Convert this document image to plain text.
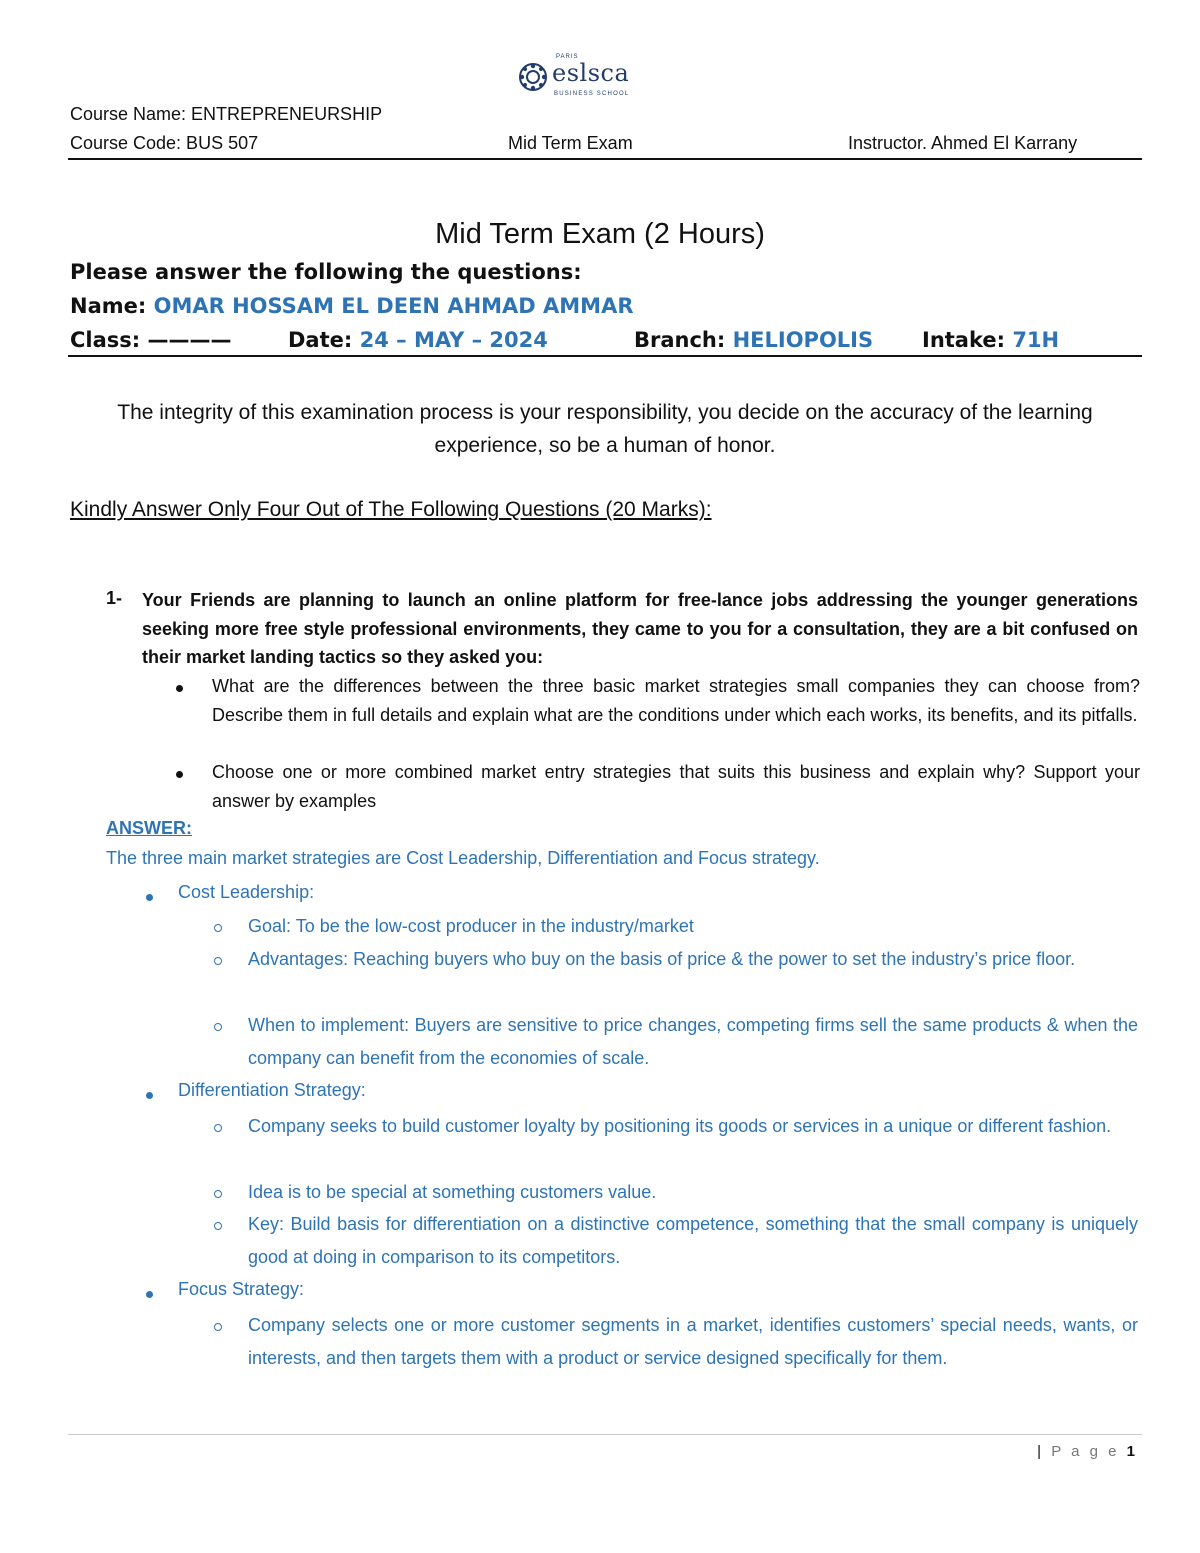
PARIS
eslsca
BUSINESS SCHOOL
Course Name: ENTREPRENEURSHIP
Course Code: BUS 507	Mid Term Exam	Instructor. Ahmed El Karrany
Mid Term Exam (2 Hours)
Please answer the following the questions:
Name: OMAR HOSSAM EL DEEN AHMAD AMMAR
Class: ————	Date: 24 – MAY – 2024	Branch: HELIOPOLIS Intake: 71H
The integrity of this examination process is your responsibility, you decide on the accuracy of the learning experience, so be a human of honor.
Kindly Answer Only Four Out of The Following Questions (20 Marks):
1- Your Friends are planning to launch an online platform for free-lance jobs addressing the younger generations seeking more free style professional environments, they came to you for a consultation, they are a bit confused on their market landing tactics so they asked you:
What are the differences between the three basic market strategies small companies they can choose from? Describe them in full details and explain what are the conditions under which each works, its benefits, and its pitfalls.
Choose one or more combined market entry strategies that suits this business and explain why? Support your answer by examples
ANSWER:
The three main market strategies are Cost Leadership, Differentiation and Focus strategy.
Cost Leadership:
Goal: To be the low-cost producer in the industry/market
Advantages: Reaching buyers who buy on the basis of price & the power to set the industry’s price floor.
When to implement: Buyers are sensitive to price changes, competing firms sell the same products & when the company can benefit from the economies of scale.
Differentiation Strategy:
Company seeks to build customer loyalty by positioning its goods or services in a unique or different fashion.
Idea is to be special at something customers value.
Key: Build basis for differentiation on a distinctive competence, something that the small company is uniquely good at doing in comparison to its competitors.
Focus Strategy:
Company selects one or more customer segments in a market, identifies customers’ special needs, wants, or interests, and then targets them with a product or service designed specifically for them.
| P a g e 1
